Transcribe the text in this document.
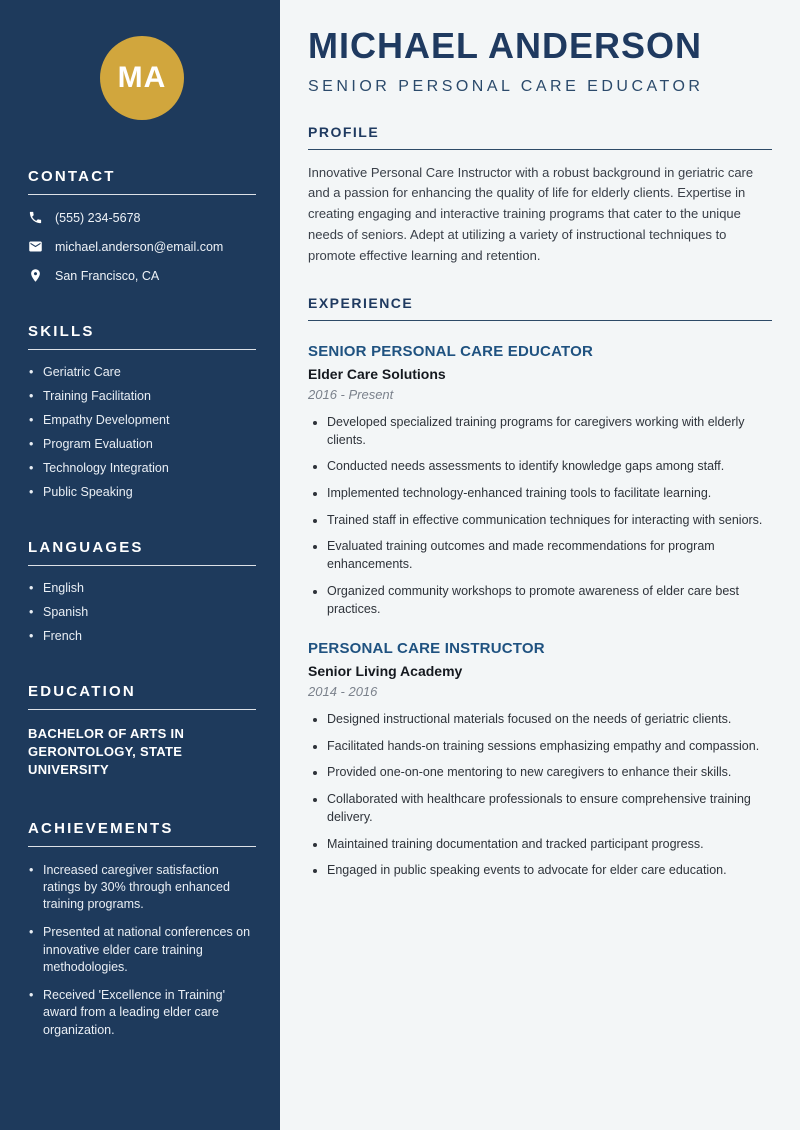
MA
CONTACT
(555) 234-5678
michael.anderson@email.com
San Francisco, CA
SKILLS
• Geriatric Care
• Training Facilitation
• Empathy Development
• Program Evaluation
• Technology Integration
• Public Speaking
LANGUAGES
• English
• Spanish
• French
EDUCATION
BACHELOR OF ARTS IN GERONTOLOGY, STATE UNIVERSITY
ACHIEVEMENTS
• Increased caregiver satisfaction ratings by 30% through enhanced training programs.
• Presented at national conferences on innovative elder care training methodologies.
• Received 'Excellence in Training' award from a leading elder care organization.
MICHAEL ANDERSON
SENIOR PERSONAL CARE EDUCATOR
PROFILE

Innovative Personal Care Instructor with a robust background in geriatric care and a passion for enhancing the quality of life for elderly clients. Expertise in creating engaging and interactive training programs that cater to the unique needs of seniors. Adept at utilizing a variety of instructional techniques to promote effective learning and retention.

EXPERIENCE
SENIOR PERSONAL CARE EDUCATOR
Elder Care Solutions
2016 - Present
• Developed specialized training programs for caregivers working with elderly clients.
• Conducted needs assessments to identify knowledge gaps among staff.
• Implemented technology-enhanced training tools to facilitate learning.
• Trained staff in effective communication techniques for interacting with seniors.
• Evaluated training outcomes and made recommendations for program enhancements.
• Organized community workshops to promote awareness of elder care best practices.
PERSONAL CARE INSTRUCTOR
Senior Living Academy
2014 - 2016
• Designed instructional materials focused on the needs of geriatric clients.
• Facilitated hands-on training sessions emphasizing empathy and compassion.
• Provided one-on-one mentoring to new caregivers to enhance their skills.
• Collaborated with healthcare professionals to ensure comprehensive training delivery.
• Maintained training documentation and tracked participant progress.
• Engaged in public speaking events to advocate for elder care education.
